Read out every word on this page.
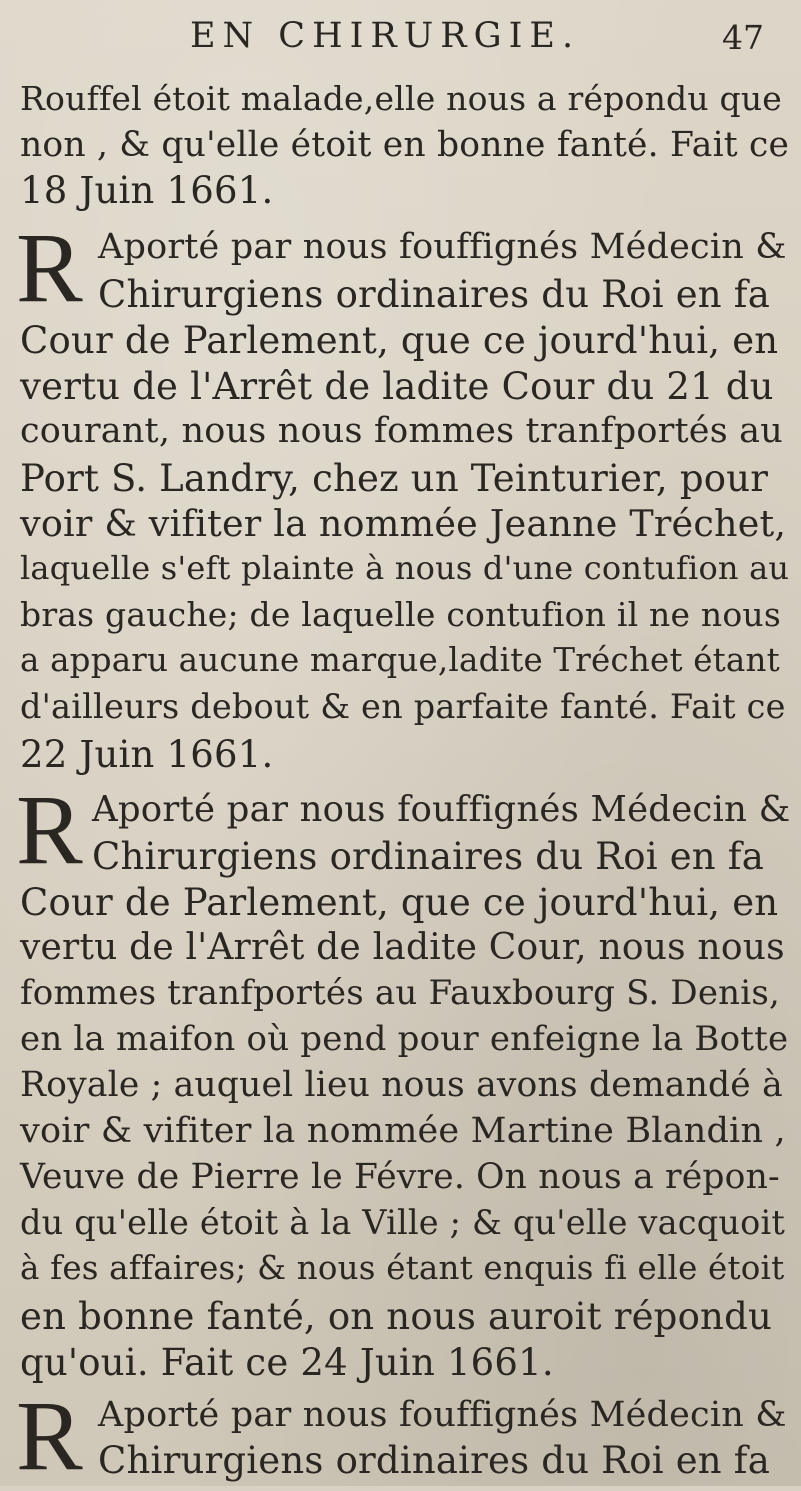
EN CHIRURGIE.	47
Rouffel étoit malade,elle nous a répondu que
non , & qu'elle étoit en bonne fanté. Fait ce
18 Juin 1661.
R Aporté par nous fouffignés Médecin &
Chirurgiens ordinaires du Roi en fa
Cour de Parlement, que ce jourd'hui, en
vertu de l'Arrêt de ladite Cour du 21 du
courant, nous nous fommes tranfportés au
Port S. Landry, chez un Teinturier, pour
voir & vifiter la nommée Jeanne Tréchet,
laquelle s'eft plainte à nous d'une contufion au
bras gauche; de laquelle contufion il ne nous
a apparu aucune marque,ladite Tréchet étant
d'ailleurs debout & en parfaite fanté. Fait ce
22 Juin 1661.
R Aporté par nous fouffignés Médecin &
Chirurgiens ordinaires du Roi en fa
Cour de Parlement, que ce jourd'hui, en
vertu de l'Arrêt de ladite Cour, nous nous
fommes tranfportés au Fauxbourg S. Denis,
en la maifon où pend pour enfeigne la Botte
Royale ; auquel lieu nous avons demandé à
voir & vifiter la nommée Martine Blandin ,
Veuve de Pierre le Févre. On nous a répon-
du qu'elle étoit à la Ville ; & qu'elle vacquoit
à fes affaires; & nous étant enquis fi elle étoit
en bonne fanté, on nous auroit répondu
qu'oui. Fait ce 24 Juin 1661.
R Aporté par nous fouffignés Médecin &
Chirurgiens ordinaires du Roi en fa
